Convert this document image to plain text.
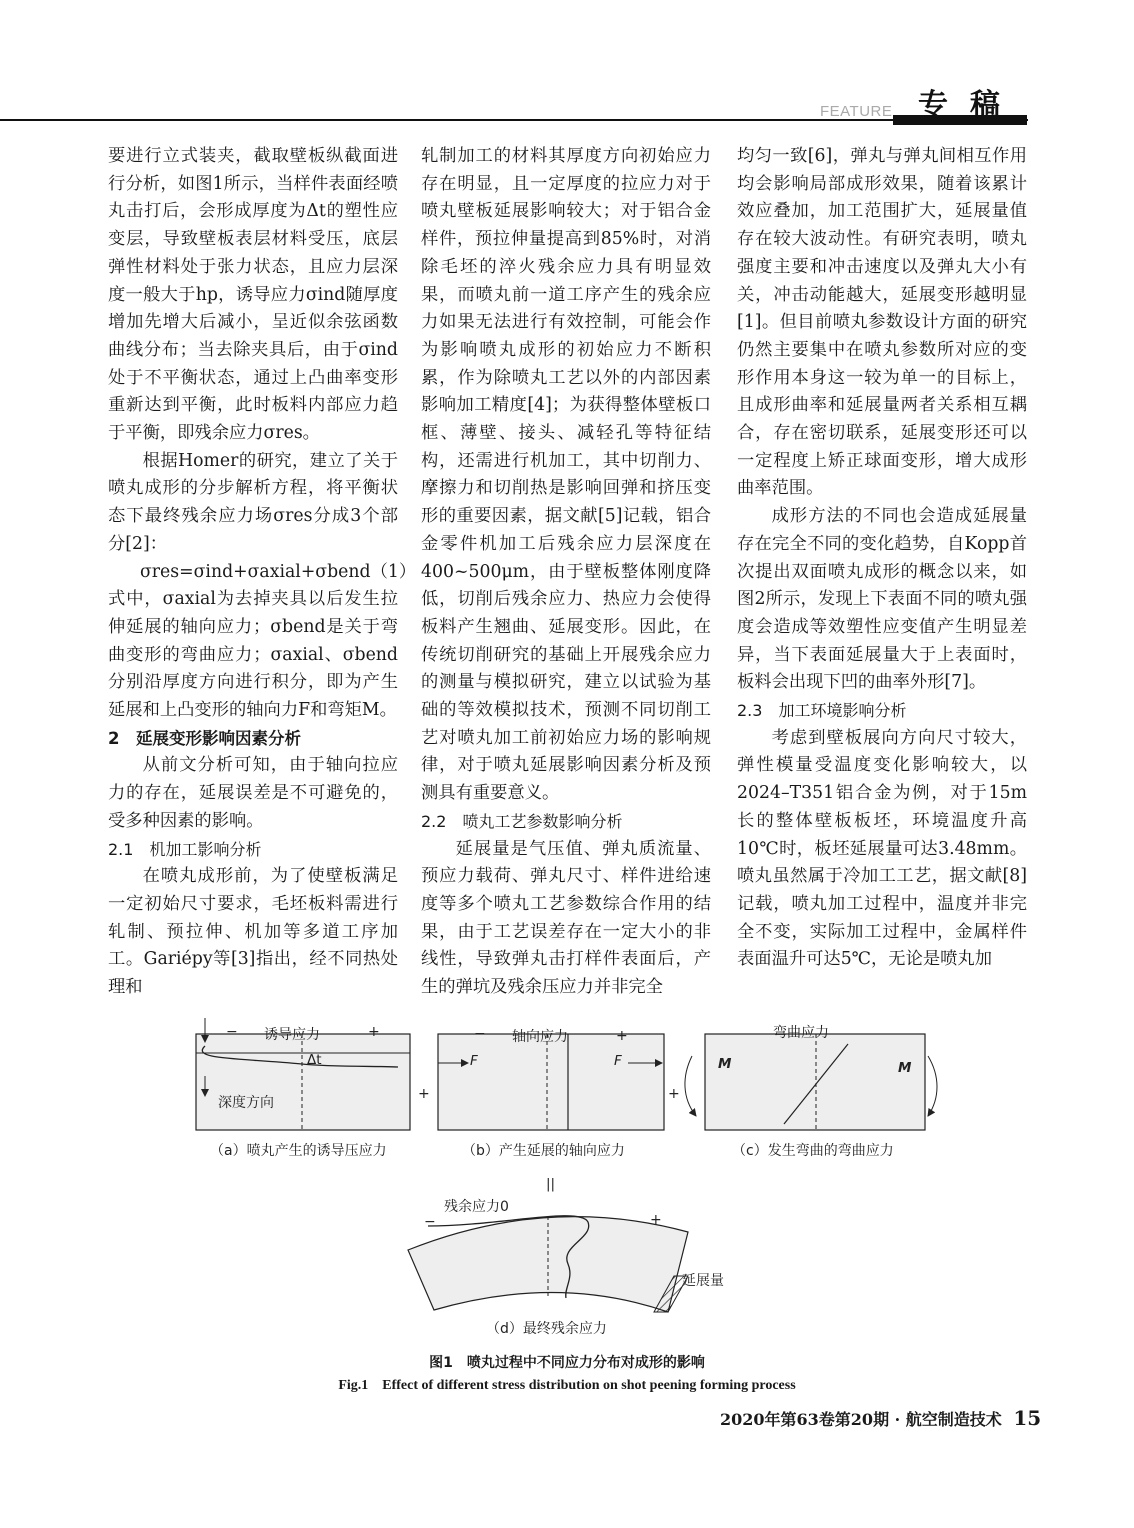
FEATURE 专稿

要进行立式装夹，截取壁板纵截面进行分析，如图1所示，当样件表面经喷丸击打后，会形成厚度为Δt的塑性应变层，导致壁板表层材料受压，底层弹性材料处于张力状态，且应力层深度一般大于hp，诱导应力σind随厚度增加先增大后减小，呈近似余弦函数曲线分布；当去除夹具后，由于σind处于不平衡状态，通过上凸曲率变形重新达到平衡，此时板料内部应力趋于平衡，即残余应力σres。

根据Homer的研究，建立了关于喷丸成形的分步解析方程，将平衡状态下最终残余应力场σres分成3个部分[2]：

σres=σind+σaxial+σbend （1）

式中，σaxial为去掉夹具以后发生拉伸延展的轴向应力；σbend是关于弯曲变形的弯曲应力；σaxial、σbend分别沿厚度方向进行积分，即为产生延展和上凸变形的轴向力F和弯矩M。

2　延展变形影响因素分析

从前文分析可知，由于轴向拉应力的存在，延展误差是不可避免的，受多种因素的影响。

2.1　机加工影响分析

在喷丸成形前，为了使壁板满足一定初始尺寸要求，毛坯板料需进行轧制、预拉伸、机加等多道工序加工。Gariépy等[3]指出，经不同热处理和

轧制加工的材料其厚度方向初始应力存在明显，且一定厚度的拉应力对于喷丸壁板延展影响较大；对于铝合金样件，预拉伸量提高到85%时，对消除毛坯的淬火残余应力具有明显效果，而喷丸前一道工序产生的残余应力如果无法进行有效控制，可能会作为影响喷丸成形的初始应力不断积累，作为除喷丸工艺以外的内部因素影响加工精度[4]；为获得整体壁板口框、薄壁、接头、减轻孔等特征结构，还需进行机加工，其中切削力、摩擦力和切削热是影响回弹和挤压变形的重要因素，据文献[5]记载，铝合金零件机加工后残余应力层深度在400~500μm，由于壁板整体刚度降低，切削后残余应力、热应力会使得板料产生翘曲、延展变形。因此，在传统切削研究的基础上开展残余应力的测量与模拟研究，建立以试验为基础的等效模拟技术，预测不同切削工艺对喷丸加工前初始应力场的影响规律，对于喷丸延展影响因素分析及预测具有重要意义。

2.2　喷丸工艺参数影响分析

延展量是气压值、弹丸质流量、预应力载荷、弹丸尺寸、样件进给速度等多个喷丸工艺参数综合作用的结果，由于工艺误差存在一定大小的非线性，导致弹丸击打样件表面后，产生的弹坑及残余压应力并非完全

均匀一致[6]，弹丸与弹丸间相互作用均会影响局部成形效果，随着该累计效应叠加，加工范围扩大，延展量值存在较大波动性。有研究表明，喷丸强度主要和冲击速度以及弹丸大小有关，冲击动能越大，延展变形越明显[1]。但目前喷丸参数设计方面的研究仍然主要集中在喷丸参数所对应的变形作用本身这一较为单一的目标上，且成形曲率和延展量两者关系相互耦合，存在密切联系，延展变形还可以一定程度上矫正球面变形，增大成形曲率范围。

成形方法的不同也会造成延展量存在完全不同的变化趋势，自Kopp首次提出双面喷丸成形的概念以来，如图2所示，发现上下表面不同的喷丸强度会造成等效塑性应变值产生明显差异，当下表面延展量大于上表面时，板料会出现下凹的曲率外形[7]。

2.3　加工环境影响分析

考虑到壁板展向方向尺寸较大，弹性模量受温度变化影响较大，以2024–T351铝合金为例，对于15m长的整体壁板板坯，环境温度升高10℃时，板坯延展量可达3.48mm。喷丸虽然属于冷加工工艺，据文献[8]记载，喷丸加工过程中，温度并非完全不变，实际加工过程中，金属样件表面温升可达5℃，无论是喷丸加

− 诱导应力	+
Δt
深度方向
（a）喷丸产生的诱导压应力
− 轴向应力	+
F	F
（b）产生延展的轴向应力
弯曲应力
M	M
（c）发生弯曲的弯曲应力
+	+
||
残余应力0
−	+
延展量
（d）最终残余应力
图1　喷丸过程中不同应力分布对成形的影响
Fig.1　Effect of different stress distribution on shot peening forming process
2020年第63卷第20期 · 航空制造技术 15
